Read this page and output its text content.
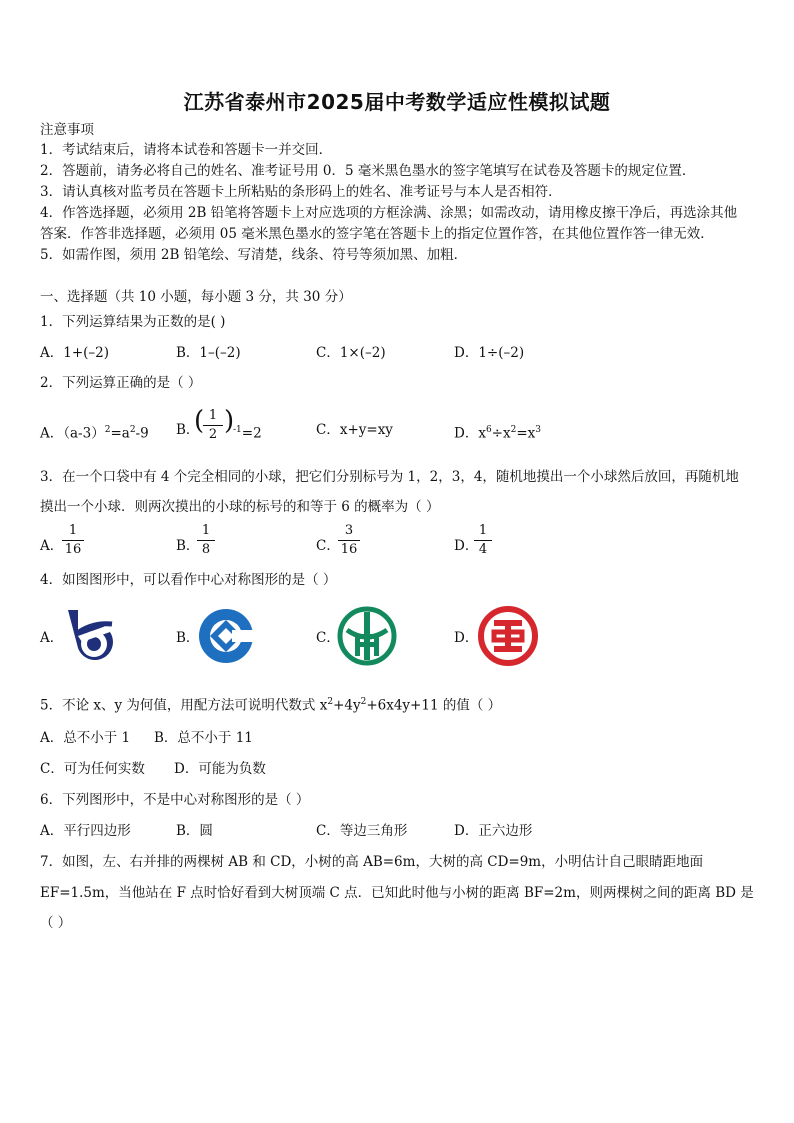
江苏省泰州市2025届中考数学适应性模拟试题
注意事项
1．考试结束后，请将本试卷和答题卡一并交回．
2．答题前，请务必将自己的姓名、准考证号用 0．5 毫米黑色墨水的签字笔填写在试卷及答题卡的规定位置．
3．请认真核对监考员在答题卡上所粘贴的条形码上的姓名、准考证号与本人是否相符．
4．作答选择题，必须用 2B 铅笔将答题卡上对应选项的方框涂满、涂黑；如需改动，请用橡皮擦干净后，再选涂其他
答案．作答非选择题，必须用 05 毫米黑色墨水的签字笔在答题卡上的指定位置作答，在其他位置作答一律无效．
5．如需作图，须用 2B 铅笔绘、写清楚，线条、符号等须加黑、加粗．
一、选择题（共 10 小题，每小题 3 分，共 30 分）
1．下列运算结果为正数的是( )
A．1+(–2)	B．1–(–2)	C．1×(–2)	D．1÷(–2)
2．下列运算正确的是（ ）
A．$(a-3)^2=a^2-9$ B．
( 1
2 )
$^{-1}$=2	C．x+y=xy	D．$x^6\div x^2=x^3$
3．在一个口袋中有 4 个完全相同的小球，把它们分别标号为 1，2，3，4，随机地摸出一个小球然后放回，再随机地
摸出一个小球．则两次摸出的小球的标号的和等于 6 的概率为（ ）
A．
1
16	B．
1
8	C．
3
16	D．
1
4
4．如图图形中，可以看作中心对称图形的是（ ）
A．	B．	C．	D．
5．不论 x、y 为何值，用配方法可说明代数式 $x^2+4y^2+6x4y+11$ 的值（ ）
A．总不小于 1 B．总不小于 11
C．可为任何实数 D．可能为负数
6．下列图形中，不是中心对称图形的是（ ）
A．平行四边形	B．圆	C．等边三角形	D．正六边形
7．如图，左、右并排的两棵树 AB 和 CD，小树的高 AB=6m，大树的高 CD=9m，小明估计自己眼睛距地面
EF=1.5m，当他站在 F 点时恰好看到大树顶端 C 点．已知此时他与小树的距离 BF=2m，则两棵树之间的距离 BD 是
（ ）
